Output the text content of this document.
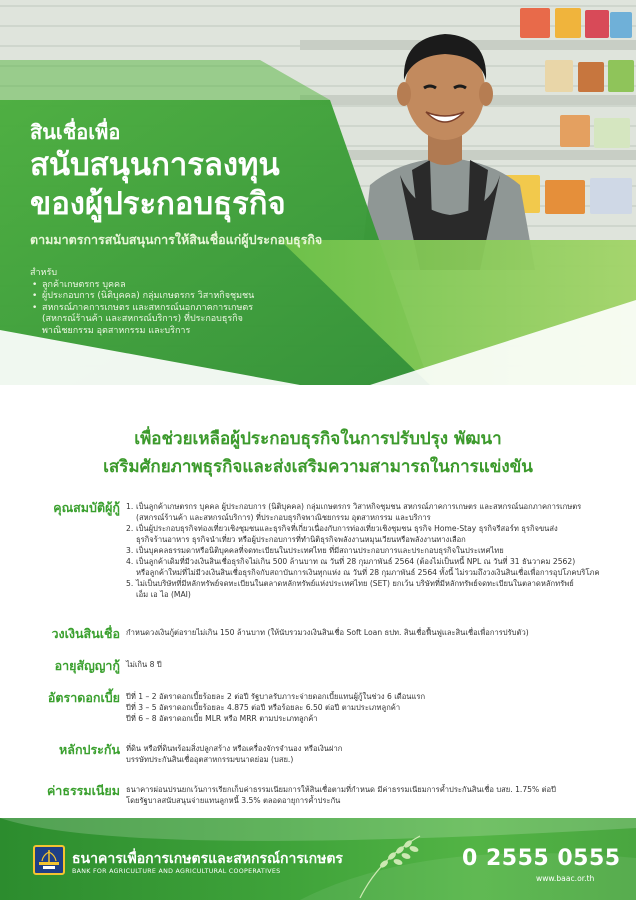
สินเชื่อเพื่อ
สนับสนุนการลงทุน
ของผู้ประกอบธุรกิจ
ตามมาตรการสนับสนุนการให้สินเชื่อแก่ผู้ประกอบธุรกิจ
สำหรับ
• ลูกค้าเกษตรกร บุคคล
• ผู้ประกอบการ (นิติบุคคล) กลุ่มเกษตรกร วิสาหกิจชุมชน
• สหกรณ์ภาคการเกษตร และสหกรณ์นอกภาคการเกษตร
(สหกรณ์ร้านค้า และสหกรณ์บริการ) ที่ประกอบธุรกิจ
พาณิชยกรรม อุตสาหกรรม และบริการ
เพื่อช่วยเหลือผู้ประกอบธุรกิจในการปรับปรุง พัฒนา
เสริมศักยภาพธุรกิจและส่งเสริมความสามารถในการแข่งขัน
คุณสมบัติผู้กู้ 1. เป็นลูกค้าเกษตรกร บุคคล ผู้ประกอบการ (นิติบุคคล) กลุ่มเกษตรกร วิสาหกิจชุมชน สหกรณ์ภาคการเกษตร และสหกรณ์นอกภาคการเกษตร
(สหกรณ์ร้านค้า และสหกรณ์บริการ) ที่ประกอบธุรกิจพาณิชยกรรม อุตสาหกรรม และบริการ
2. เป็นผู้ประกอบธุรกิจท่องเที่ยวเชิงชุมชนและธุรกิจที่เกี่ยวเนื่องกับการท่องเที่ยวเชิงชุมชน ธุรกิจ Home-Stay ธุรกิจรีสอร์ท ธุรกิจขนส่ง
ธุรกิจร้านอาหาร ธุรกิจนำเที่ยว หรือผู้ประกอบการที่ทำนิติธุรกิจพลังงานหมุนเวียนหรือพลังงานทางเลือก
3. เป็นบุคคลธรรมดาหรือนิติบุคคลที่จดทะเบียนในประเทศไทย ที่มีสถานประกอบการและประกอบธุรกิจในประเทศไทย
4. เป็นลูกค้าเดิมที่มีวงเงินสินเชื่อธุรกิจไม่เกิน 500 ล้านบาท ณ วันที่ 28 กุมภาพันธ์ 2564 (ต้องไม่เป็นหนี้ NPL ณ วันที่ 31 ธันวาคม 2562)
หรือลูกค้าใหม่ที่ไม่มีวงเงินสินเชื่อธุรกิจกับสถาบันการเงินทุกแห่ง ณ วันที่ 28 กุมภาพันธ์ 2564 ทั้งนี้ ไม่รวมถึงวงเงินสินเชื่อเพื่อการอุปโภคบริโภค
5. ไม่เป็นบริษัทที่มีหลักทรัพย์จดทะเบียนในตลาดหลักทรัพย์แห่งประเทศไทย (SET) ยกเว้น บริษัทที่มีหลักทรัพย์จดทะเบียนในตลาดหลักทรัพย์
เอ็ม เอ ไอ (MAI)
วงเงินสินเชื่อ กำหนดวงเงินกู้ต่อรายไม่เกิน 150 ล้านบาท (ให้นับรวมวงเงินสินเชื่อ Soft Loan ธปท. สินเชื่อฟื้นฟูและสินเชื่อเพื่อการปรับตัว)
อายุสัญญากู้ ไม่เกิน 8 ปี
อัตราดอกเบี้ย ปีที่ 1 – 2 อัตราดอกเบี้ยร้อยละ 2 ต่อปี รัฐบาลรับภาระจ่ายดอกเบี้ยแทนผู้กู้ในช่วง 6 เดือนแรก
ปีที่ 3 – 5 อัตราดอกเบี้ยร้อยละ 4.875 ต่อปี หรือร้อยละ 6.50 ต่อปี ตามประเภทลูกค้า
ปีที่ 6 – 8 อัตราดอกเบี้ย MLR หรือ MRR ตามประเภทลูกค้า
หลักประกัน ที่ดิน หรือที่ดินพร้อมสิ่งปลูกสร้าง หรือเครื่องจักรจำนอง หรือเงินฝาก
บรรษัทประกันสินเชื่ออุตสาหกรรมขนาดย่อม (บสย.)
ค่าธรรมเนียม ธนาคารผ่อนปรนยกเว้นการเรียกเก็บค่าธรรมเนียมการให้สินเชื่อตามที่กำหนด มีค่าธรรมเนียมการค้ำประกันสินเชื่อ บสย. 1.75% ต่อปี
โดยรัฐบาลสนับสนุนจ่ายแทนลูกหนี้ 3.5% ตลอดอายุการค้ำประกัน
ธนาคารเพื่อการเกษตรและสหกรณ์การเกษตร
BANK FOR AGRICULTURE AND AGRICULTURAL COOPERATIVES
0 2555 0555
www.baac.or.th
